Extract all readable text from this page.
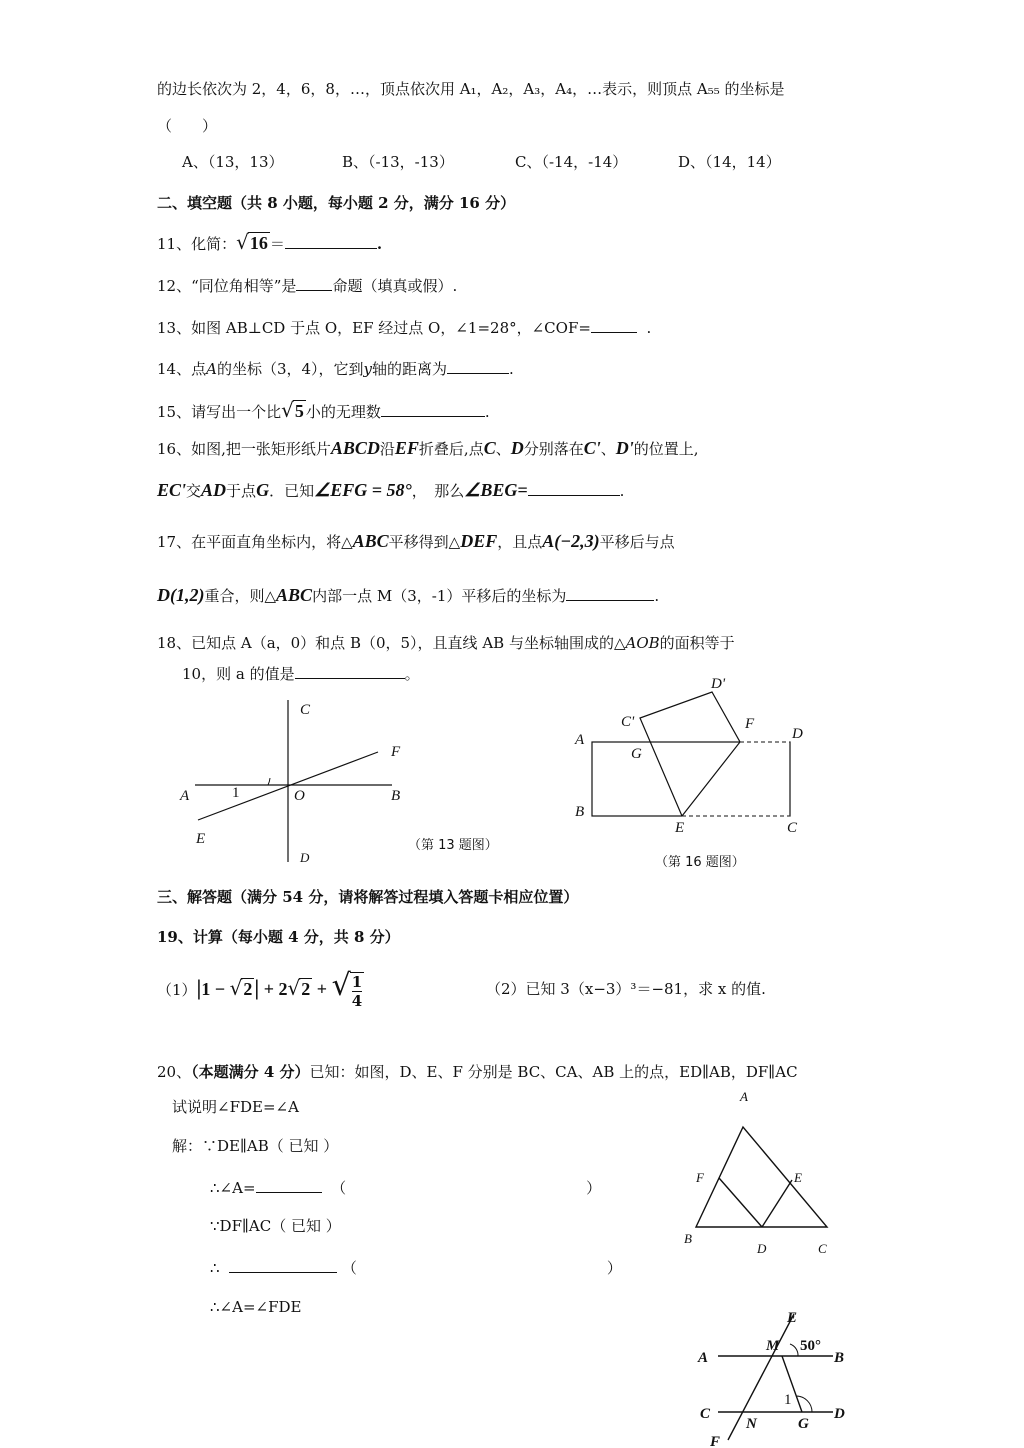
的边长依次为 2，4，6，8，…，顶点依次用 A₁，A₂，A₃，A₄，…表示，则顶点 A₅₅ 的坐标是
（　　）
A、（13，13）	B、（-13，-13）	C、（-14，-14）	D、（14，14）
二、填空题（共 8 小题，每小题 2 分，满分 16 分）
11、化简：√16 ＝	.
12、“同位角相等”是 命题（填真或假）.
13、如图 AB⊥CD 于点 O，EF 经过点 O，∠1=28°，∠COF=	.
14、点A的坐标（3，4），它到y轴的距离为	.
15、请写出一个比√5 小的无理数	.
16、如图,把一张矩形纸片ABCD沿EF折叠后,点C、D分别落在C'、D'的位置上,
EC'交AD于点G．已知∠EFG = 58°，　那么∠BEG=	.
17、在平面直角坐标内，将△ABC平移得到△DEF，且点A(−2,3)平移后与点
D(1,2)重合，则△ABC内部一点 M（3，-1）平移后的坐标为	.
18、已知点 A（a，0）和点 B（0，5），且直线 AB 与坐标轴围成的△AOB的面积等于
10，则 a 的值是	。
C
F
A	1	O	B
E
D
（第 13 题图）
D'
C'	F
D
A
G
B
E	C
（第 16 题图）
三、解答题（满分 54 分，请将解答过程填入答题卡相应位置）
19、计算（每小题 4 分，共 8 分）
（1）|1 − √2| + 2√2 + √ $\frac{1}{4}$	（2）已知 3（x−3）³＝−81，求 x 的值.
20、（本题满分 4 分）已知：如图，D、E、F 分别是 BC、CA、AB 上的点，ED∥AB，DF∥AC
试说明∠FDE=∠A
解：∵DE∥AB（ 已知 ）
∴∠A=	（	）
∵DF∥AC（ 已知 ）
∴	（	）
∴∠A=∠FDE
A
F	E
B
D	C
E
M 50°
A	B
1
C
N	G
D
F
